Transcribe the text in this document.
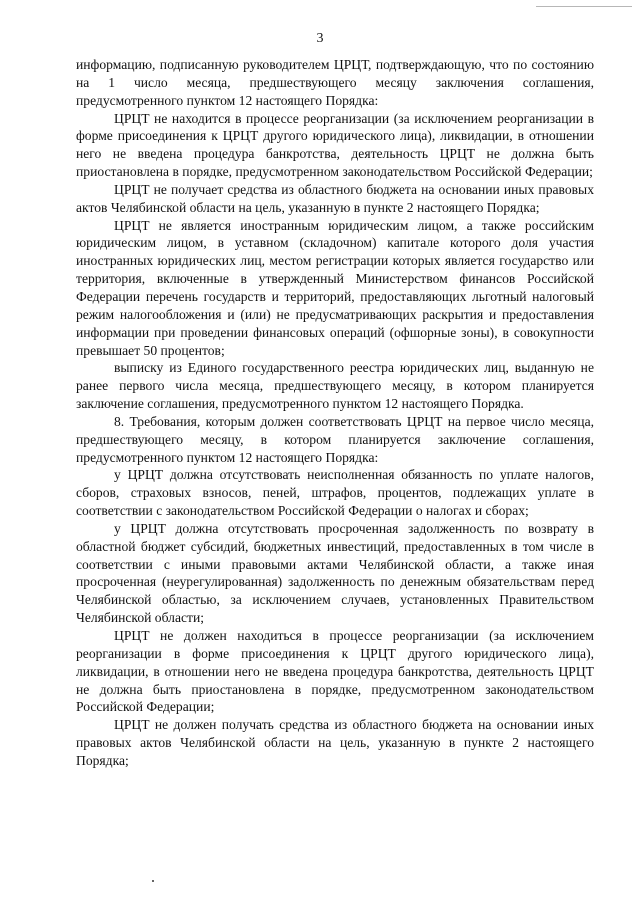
3

информацию, подписанную руководителем ЦРЦТ, подтверждающую, что по состоянию на 1 число месяца, предшествующего месяцу заключения соглашения, предусмотренного пунктом 12 настоящего Порядка:

ЦРЦТ не находится в процессе реорганизации (за исключением реорганизации в форме присоединения к ЦРЦТ другого юридического лица), ликвидации, в отношении него не введена процедура банкротства, деятельность ЦРЦТ не должна быть приостановлена в порядке, предусмотренном законодательством Российской Федерации;

ЦРЦТ не получает средства из областного бюджета на основании иных правовых актов Челябинской области на цель, указанную в пункте 2 настоящего Порядка;

ЦРЦТ не является иностранным юридическим лицом, а также российским юридическим лицом, в уставном (складочном) капитале которого доля участия иностранных юридических лиц, местом регистрации которых является государство или территория, включенные в утвержденный Министерством финансов Российской Федерации перечень государств и территорий, предоставляющих льготный налоговый режим налогообложения и (или) не предусматривающих раскрытия и предоставления информации при проведении финансовых операций (офшорные зоны), в совокупности превышает 50 процентов;

выписку из Единого государственного реестра юридических лиц, выданную не ранее первого числа месяца, предшествующего месяцу, в котором планируется заключение соглашения, предусмотренного пунктом 12 настоящего Порядка.

8. Требования, которым должен соответствовать ЦРЦТ на первое число месяца, предшествующего месяцу, в котором планируется заключение соглашения, предусмотренного пунктом 12 настоящего Порядка:

у ЦРЦТ должна отсутствовать неисполненная обязанность по уплате налогов, сборов, страховых взносов, пеней, штрафов, процентов, подлежащих уплате в соответствии с законодательством Российской Федерации о налогах и сборах;

у ЦРЦТ должна отсутствовать просроченная задолженность по возврату в областной бюджет субсидий, бюджетных инвестиций, предоставленных в том числе в соответствии с иными правовыми актами Челябинской области, а также иная просроченная (неурегулированная) задолженность по денежным обязательствам перед Челябинской областью, за исключением случаев, установленных Правительством Челябинской области;

ЦРЦТ не должен находиться в процессе реорганизации (за исключением реорганизации в форме присоединения к ЦРЦТ другого юридического лица), ликвидации, в отношении него не введена процедура банкротства, деятельность ЦРЦТ не должна быть приостановлена в порядке, предусмотренном законодательством Российской Федерации;

ЦРЦТ не должен получать средства из областного бюджета на основании иных правовых актов Челябинской области на цель, указанную в пункте 2 настоящего Порядка;
